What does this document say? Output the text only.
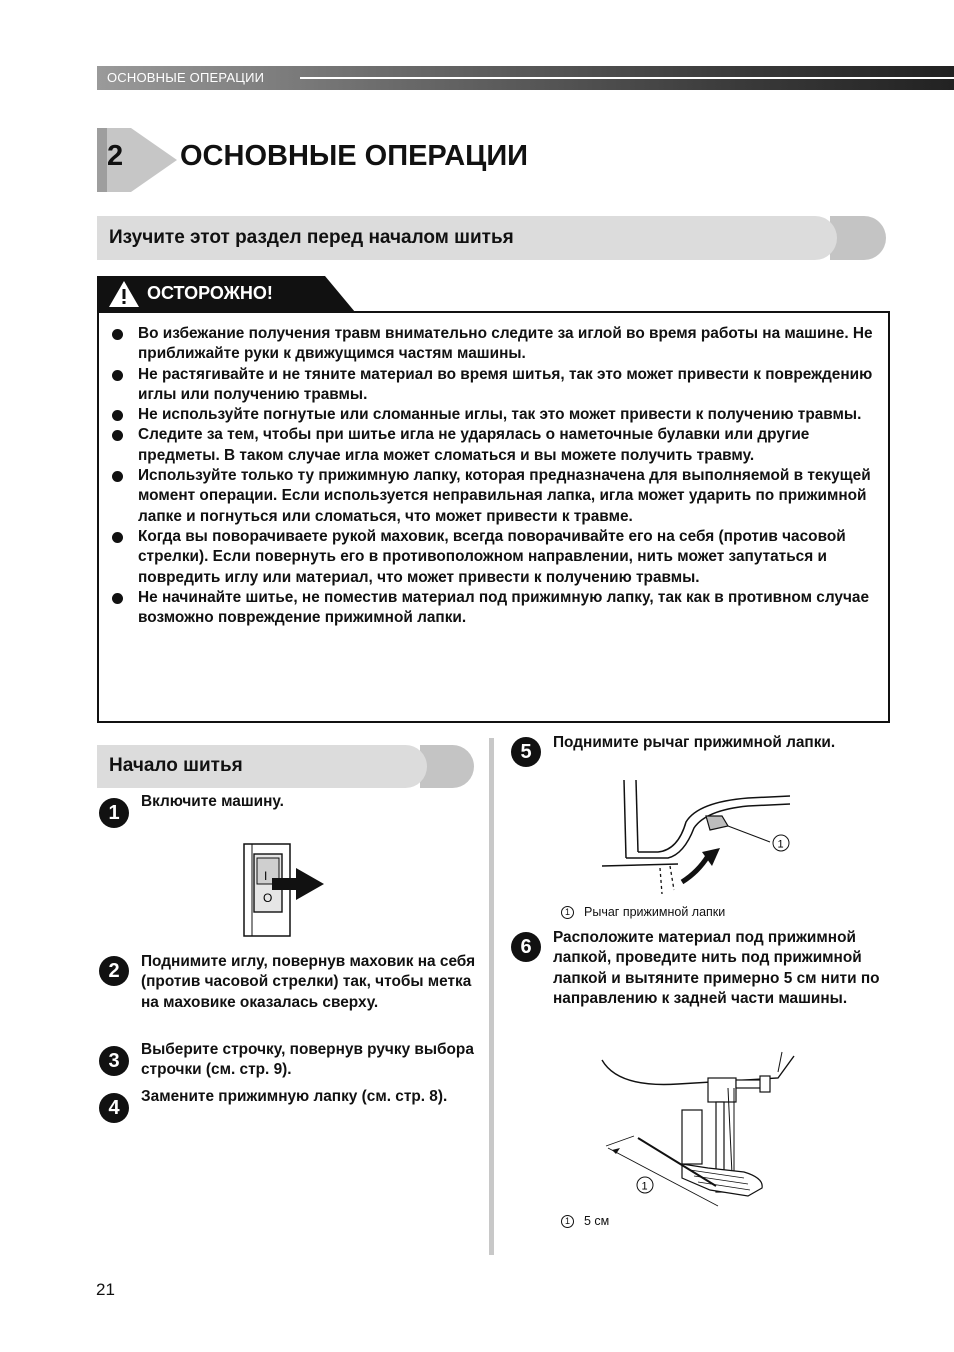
ОСНОВНЫЕ ОПЕРАЦИИ
2 ОСНОВНЫЕ ОПЕРАЦИИ
Изучите этот раздел перед началом шитья
ОСТОРОЖНО!
Во избежание получения травм внимательно следите за иглой во время работы на машине. Не приближайте руки к движущимся частям машины.
Не растягивайте и не тяните материал во время шитья, так это может привести к повреждению иглы или получению травмы.
Не используйте погнутые или сломанные иглы, так это может привести к получению травмы.
Следите за тем, чтобы при шитье игла не ударялась о наметочные булавки или другие предметы. В таком случае игла может сломаться и вы можете получить травму.
Используйте только ту прижимную лапку, которая предназначена для выполняемой в текущей момент операции. Если используется неправильная лапка, игла может ударить по прижимной лапке и погнуться или сломаться, что может привести к травме.
Когда вы поворачиваете рукой маховик, всегда поворачивайте его на себя (против часовой стрелки). Если повернуть его в противоположном направлении, нить может запутаться и повредить иглу или материал, что может привести к получению травмы.
Не начинайте шитье, не поместив материал под прижимную лапку, так как в противном случае возможно повреждение прижимной лапки.
Начало шитья
1
Включите машину.
I
O
2	Поднимите иглу, повернув маховик на себя (против часовой стрелки) так, чтобы метка на маховике оказалась сверху.
3
Выберите строчку, повернув ручку выбора строчки (см. стр. 9).
4
Замените прижимную лапку (см. стр. 8).
5	Поднимите рычаг прижимной лапки.
1
1 Рычаг прижимной лапки
6	Расположите материал под прижимной лапкой, проведите нить под прижимной лапкой и вытяните примерно 5 см нити по направлению к задней части машины.
1
1 5 см
21
